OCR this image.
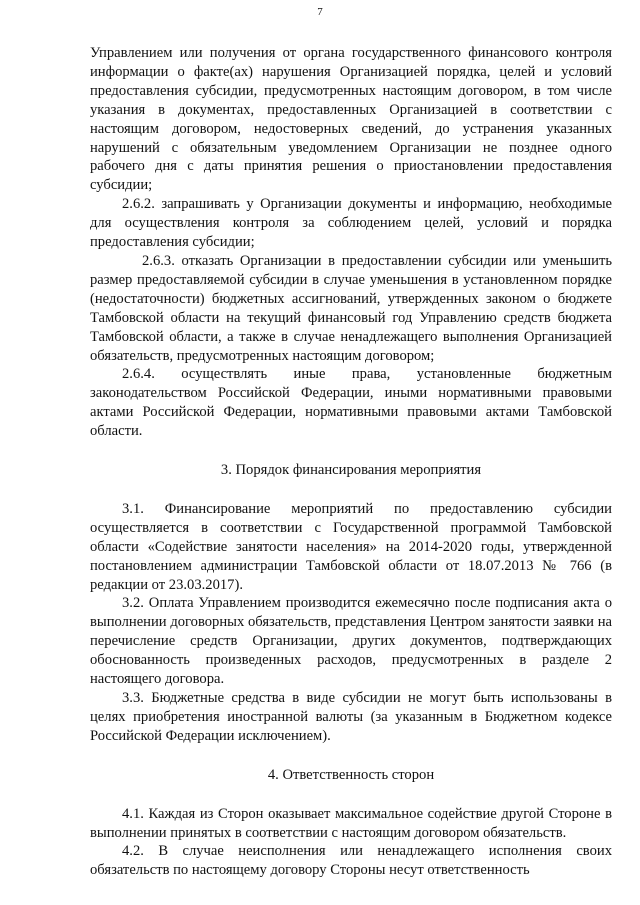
7

Управлением или получения от органа государственного финансового контроля информации о факте(ах) нарушения Организацией порядка, целей и условий предоставления субсидии, предусмотренных настоящим договором, в том числе указания в документах, предоставленных Организацией в соответствии с настоящим договором, недостоверных сведений, до устранения указанных нарушений с обязательным уведомлением Организации не позднее одного рабочего дня с даты принятия решения о приостановлении предоставления субсидии;

2.6.2. запрашивать у Организации документы и информацию, необходимые для осуществления контроля за соблюдением целей, условий и порядка предоставления субсидии;

2.6.3. отказать Организации в предоставлении субсидии или уменьшить размер предоставляемой субсидии в случае уменьшения в установленном порядке (недостаточности) бюджетных ассигнований, утвержденных законом о бюджете Тамбовской области на текущий финансовый год Управлению средств бюджета Тамбовской области, а также в случае ненадлежащего выполнения Организацией обязательств, предусмотренных настоящим договором;

2.6.4. осуществлять иные права, установленные бюджетным законодательством Российской Федерации, иными нормативными правовыми актами Российской Федерации, нормативными правовыми актами Тамбовской области.

3. Порядок финансирования мероприятия

3.1. Финансирование мероприятий по предоставлению субсидии осуществляется в соответствии с Государственной программой Тамбовской области «Содействие занятости населения» на 2014-2020 годы, утвержденной постановлением администрации Тамбовской области от 18.07.2013 № 766 (в редакции от 23.03.2017).

3.2. Оплата Управлением производится ежемесячно после подписания акта о выполнении договорных обязательств, представления Центром занятости заявки на перечисление средств Организации, других документов, подтверждающих обоснованность произведенных расходов, предусмотренных в разделе 2 настоящего договора.

3.3. Бюджетные средства в виде субсидии не могут быть использованы в целях приобретения иностранной валюты (за указанным в Бюджетном кодексе Российской Федерации исключением).

4. Ответственность сторон

4.1. Каждая из Сторон оказывает максимальное содействие другой Стороне в выполнении принятых в соответствии с настоящим договором обязательств.

4.2. В случае неисполнения или ненадлежащего исполнения своих обязательств по настоящему договору Стороны несут ответственность
